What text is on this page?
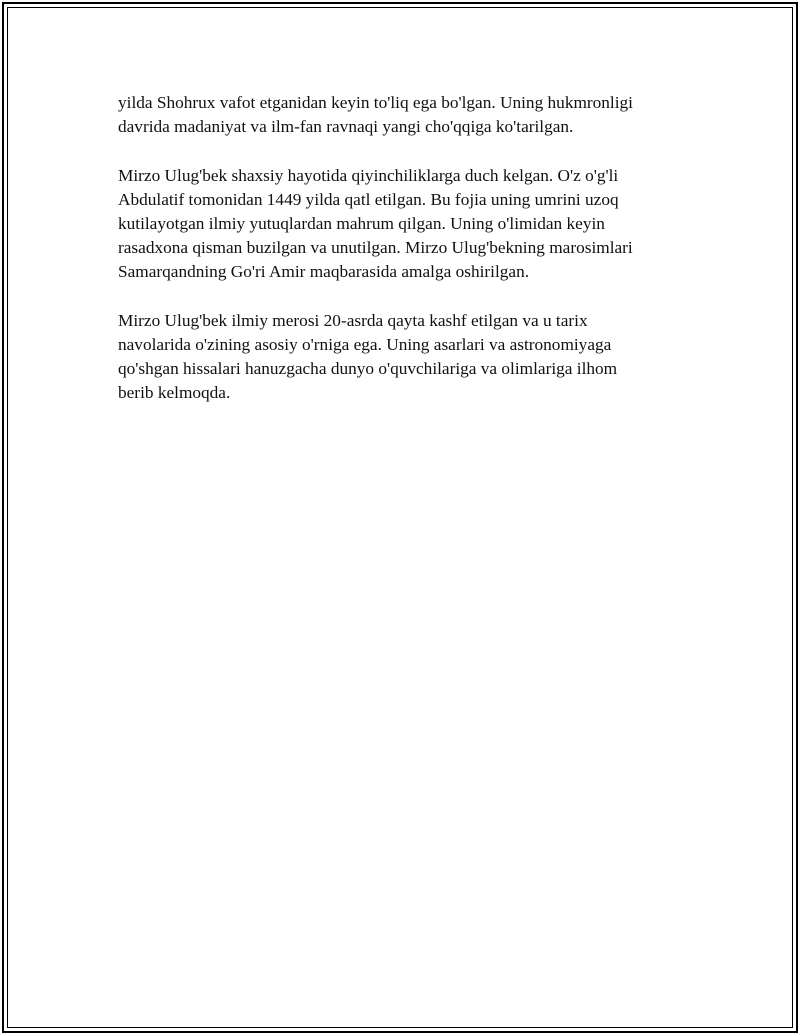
yilda Shohrux vafot etganidan keyin to'liq ega bo'lgan. Uning hukmronligi
davrida madaniyat va ilm-fan ravnaqi yangi cho'qqiga ko'tarilgan.

Mirzo Ulug'bek shaxsiy hayotida qiyinchiliklarga duch kelgan. O'z o'g'li
Abdulatif tomonidan 1449 yilda qatl etilgan. Bu fojia uning umrini uzoq
kutilayotgan ilmiy yutuqlardan mahrum qilgan. Uning o'limidan keyin
rasadxona qisman buzilgan va unutilgan. Mirzo Ulug'bekning marosimlari
Samarqandning Go'ri Amir maqbarasida amalga oshirilgan.

Mirzo Ulug'bek ilmiy merosi 20-asrda qayta kashf etilgan va u tarix
navolarida o'zining asosiy o'rniga ega. Uning asarlari va astronomiyaga
qo'shgan hissalari hanuzgacha dunyo o'quvchilariga va olimlariga ilhom
berib kelmoqda.
